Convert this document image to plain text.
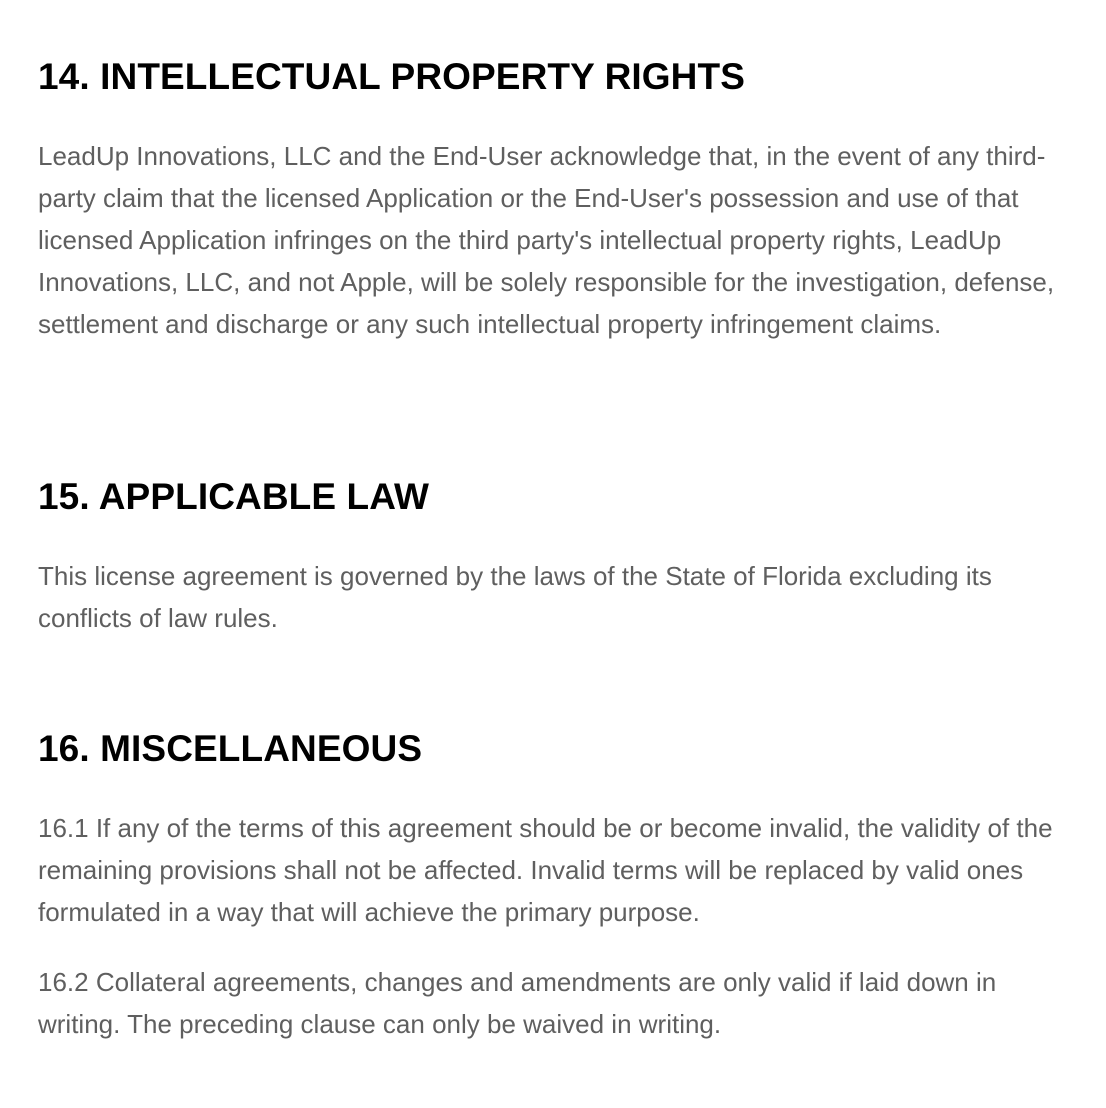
14. INTELLECTUAL PROPERTY RIGHTS

LeadUp Innovations, LLC and the End-User acknowledge that, in the event of any third-party claim that the licensed Application or the End-User's possession and use of that licensed Application infringes on the third party's intellectual property rights, LeadUp Innovations, LLC, and not Apple, will be solely responsible for the investigation, defense, settlement and discharge or any such intellectual property infringement claims.

15. APPLICABLE LAW

This license agreement is governed by the laws of the State of Florida excluding its conflicts of law rules.

16. MISCELLANEOUS

16.1 If any of the terms of this agreement should be or become invalid, the validity of the remaining provisions shall not be affected. Invalid terms will be replaced by valid ones formulated in a way that will achieve the primary purpose.

16.2 Collateral agreements, changes and amendments are only valid if laid down in writing. The preceding clause can only be waived in writing.
